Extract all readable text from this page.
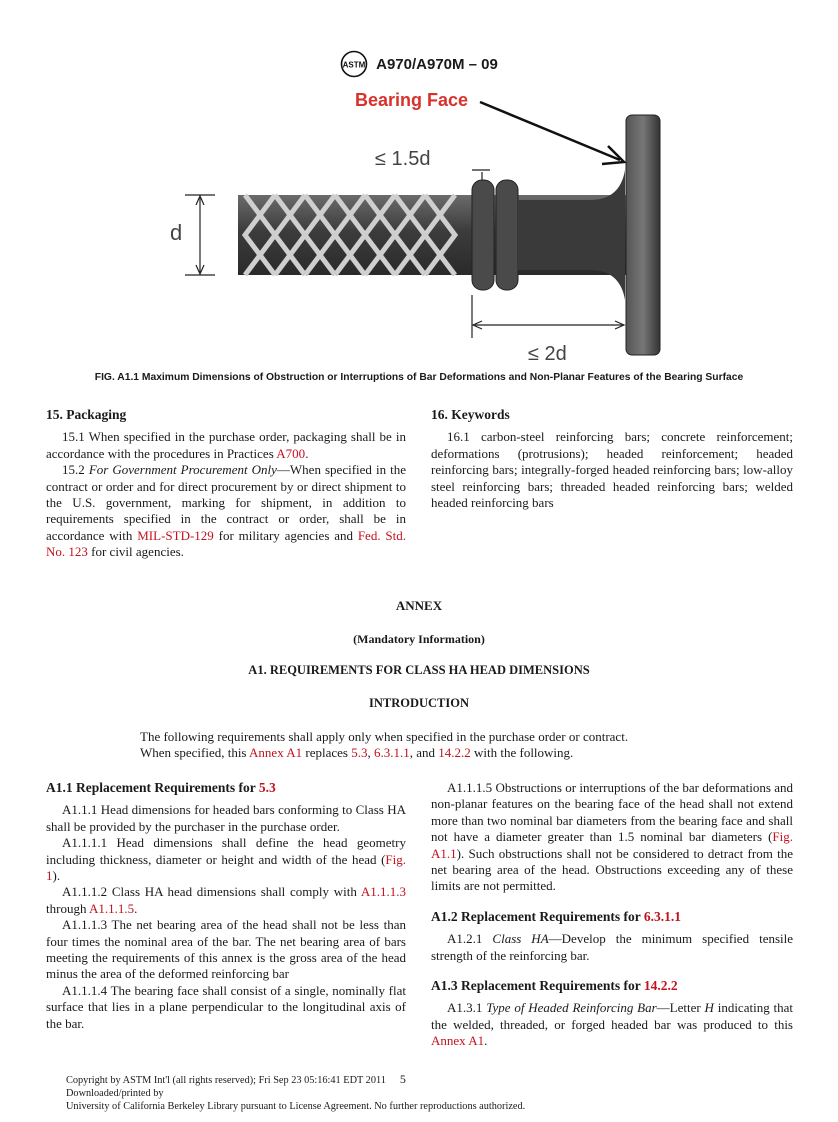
ASTM A970/A970M – 09
d
≤ 1.5d
≤ 2d
Bearing Face
FIG. A1.1 Maximum Dimensions of Obstruction or Interruptions of Bar Deformations and Non-Planar Features of the Bearing Surface
15. Packaging

15.1 When specified in the purchase order, packaging shall be in accordance with the procedures in Practices A700.

15.2 For Government Procurement Only—When specified in the contract or order and for direct procurement by or direct shipment to the U.S. government, marking for shipment, in addition to requirements specified in the contract or order, shall be in accordance with MIL-STD-129 for military agencies and Fed. Std. No. 123 for civil agencies.

16. Keywords

16.1 carbon-steel reinforcing bars; concrete reinforcement; deformations (protrusions); headed reinforcement; headed reinforcing bars; integrally-forged headed reinforcing bars; low-alloy steel reinforcing bars; threaded headed reinforcing bars; welded headed reinforcing bars

ANNEX
(Mandatory Information)
A1. REQUIREMENTS FOR CLASS HA HEAD DIMENSIONS
INTRODUCTION
The following requirements shall apply only when specified in the purchase order or contract.
When specified, this Annex A1 replaces 5.3, 6.3.1.1, and 14.2.2 with the following.
A1.1 Replacement Requirements for 5.3

A1.1.1 Head dimensions for headed bars conforming to Class HA shall be provided by the purchaser in the purchase order.

A1.1.1.1 Head dimensions shall define the head geometry including thickness, diameter or height and width of the head (Fig. 1).

A1.1.1.2 Class HA head dimensions shall comply with A1.1.1.3 through A1.1.1.5.

A1.1.1.3 The net bearing area of the head shall not be less than four times the nominal area of the bar. The net bearing area of bars meeting the requirements of this annex is the gross area of the head minus the area of the deformed reinforcing bar

A1.1.1.4 The bearing face shall consist of a single, nominally flat surface that lies in a plane perpendicular to the longitudinal axis of the bar.

A1.1.1.5 Obstructions or interruptions of the bar deformations and non-planar features on the bearing face of the head shall not extend more than two nominal bar diameters from the bearing face and shall not have a diameter greater than 1.5 nominal bar diameters (Fig. A1.1). Such obstructions shall not be considered to detract from the net bearing area of the head. Obstructions exceeding any of these limits are not permitted.

A1.2 Replacement Requirements for 6.3.1.1

A1.2.1 Class HA—Develop the minimum specified tensile strength of the reinforcing bar.

A1.3 Replacement Requirements for 14.2.2

A1.3.1 Type of Headed Reinforcing Bar—Letter H indicating that the welded, threaded, or forged headed bar was produced to this Annex A1.

Copyright by ASTM Int'l (all rights reserved); Fri Sep 23 05:16:41 EDT 2011 5
Downloaded/printed by
University of California Berkeley Library pursuant to License Agreement. No further reproductions authorized.
